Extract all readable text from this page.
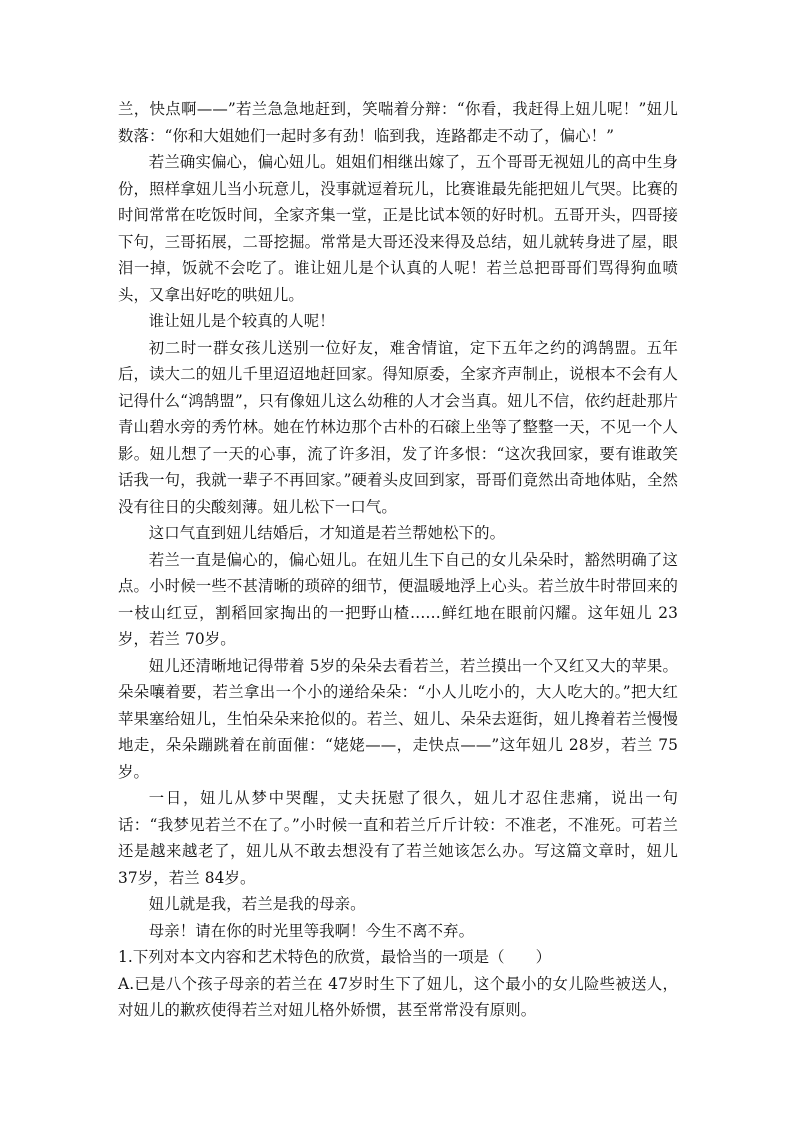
兰，快点啊——”若兰急急地赶到，笑喘着分辩：“你看，我赶得上妞儿呢！”妞儿数落：“你和大姐她们一起时多有劲！临到我，连路都走不动了，偏心！”

若兰确实偏心，偏心妞儿。姐姐们相继出嫁了，五个哥哥无视妞儿的高中生身份，照样拿妞儿当小玩意儿，没事就逗着玩儿，比赛谁最先能把妞儿气哭。比赛的时间常常在吃饭时间，全家齐集一堂，正是比试本领的好时机。五哥开头，四哥接下句，三哥拓展，二哥挖掘。常常是大哥还没来得及总结，妞儿就转身进了屋，眼泪一掉，饭就不会吃了。谁让妞儿是个认真的人呢！若兰总把哥哥们骂得狗血喷头，又拿出好吃的哄妞儿。

谁让妞儿是个较真的人呢！

初二时一群女孩儿送别一位好友，难舍情谊，定下五年之约的鸿鹄盟。五年后，读大二的妞儿千里迢迢地赶回家。得知原委，全家齐声制止，说根本不会有人记得什么“鸿鹄盟”，只有像妞儿这么幼稚的人才会当真。妞儿不信，依约赶赴那片青山碧水旁的秀竹林。她在竹林边那个古朴的石磙上坐等了整整一天，不见一个人影。妞儿想了一天的心事，流了许多泪，发了许多恨：“这次我回家，要有谁敢笑话我一句，我就一辈子不再回家。”硬着头皮回到家，哥哥们竟然出奇地体贴，全然没有往日的尖酸刻薄。妞儿松下一口气。

这口气直到妞儿结婚后，才知道是若兰帮她松下的。

若兰一直是偏心的，偏心妞儿。在妞儿生下自己的女儿朵朵时，豁然明确了这点。小时候一些不甚清晰的琐碎的细节，便温暖地浮上心头。若兰放牛时带回来的一枝山红豆，割稻回家掏出的一把野山楂……鲜红地在眼前闪耀。这年妞儿 23岁，若兰 70岁。

妞儿还清晰地记得带着 5岁的朵朵去看若兰，若兰摸出一个又红又大的苹果。朵朵嚷着要，若兰拿出一个小的递给朵朵：“小人儿吃小的，大人吃大的。”把大红苹果塞给妞儿，生怕朵朵来抢似的。若兰、妞儿、朵朵去逛街，妞儿搀着若兰慢慢地走，朵朵蹦跳着在前面催：“姥姥——，走快点——”这年妞儿 28岁，若兰 75岁。

一日，妞儿从梦中哭醒，丈夫抚慰了很久，妞儿才忍住悲痛，说出一句话：“我梦见若兰不在了。”小时候一直和若兰斤斤计较：不准老，不准死。可若兰还是越来越老了，妞儿从不敢去想没有了若兰她该怎么办。写这篇文章时，妞儿 37岁，若兰 84岁。

妞儿就是我，若兰是我的母亲。

母亲！请在你的时光里等我啊！今生不离不弃。

1.下列对本文内容和艺术特色的欣赏，最恰当的一项是（　　）

A.已是八个孩子母亲的若兰在 47岁时生下了妞儿，这个最小的女儿险些被送人，对妞儿的歉疚使得若兰对妞儿格外娇惯，甚至常常没有原则。
